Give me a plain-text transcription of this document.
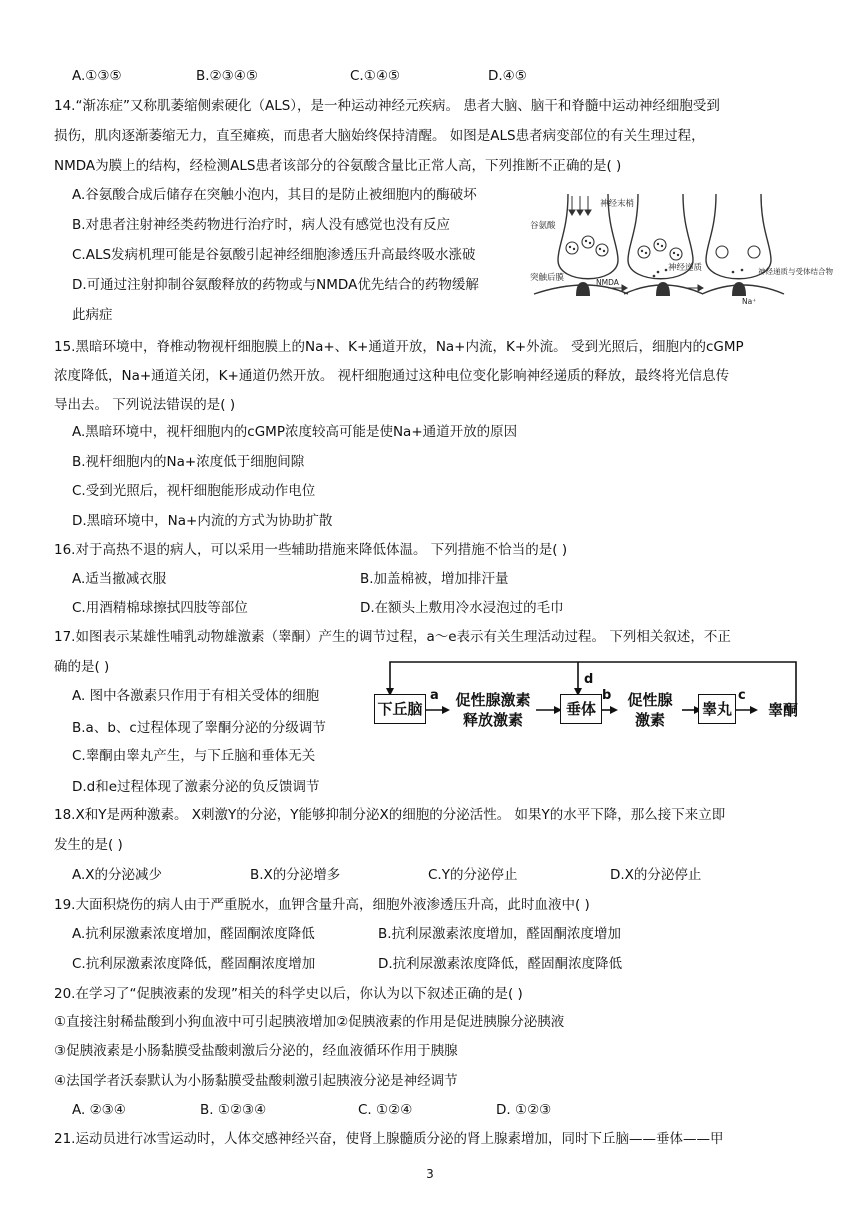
A.①③⑤	B.②③④⑤	C.①④⑤	D.④⑤
14.“渐冻症”又称肌萎缩侧索硬化（ALS），是一种运动神经元疾病。 患者大脑、脑干和脊髓中运动神经细胞受到
损伤，肌肉逐渐萎缩无力，直至瘫痪，而患者大脑始终保持清醒。 如图是ALS患者病变部位的有关生理过程，
NMDA为膜上的结构，经检测ALS患者该部分的谷氨酸含量比正常人高，下列推断不正确的是( )
A.谷氨酸合成后储存在突触小泡内，其目的是防止被细胞内的酶破坏
B.对患者注射神经类药物进行治疗时，病人没有感觉也没有反应
C.ALS发病机理可能是谷氨酸引起神经细胞渗透压升高最终吸水涨破
D.可通过注射抑制谷氨酸释放的药物或与NMDA优先结合的药物缓解
此病症
神经末梢
谷氨酸
突触后膜	NMDA
神经递质	神经递质与受体结合物
Na⁺
15.黑暗环境中，脊椎动物视杆细胞膜上的Na+、K+通道开放，Na+内流，K+外流。 受到光照后，细胞内的cGMP
浓度降低，Na+通道关闭，K+通道仍然开放。 视杆细胞通过这种电位变化影响神经递质的释放，最终将光信息传
导出去。 下列说法错误的是( )
A.黑暗环境中，视杆细胞内的cGMP浓度较高可能是使Na+通道开放的原因
B.视杆细胞内的Na+浓度低于细胞间隙
C.受到光照后，视杆细胞能形成动作电位
D.黑暗环境中，Na+内流的方式为协助扩散
16.对于高热不退的病人，可以采用一些辅助措施来降低体温。 下列措施不恰当的是( )
A.适当撤减衣服	B.加盖棉被，增加排汗量
C.用酒精棉球擦拭四肢等部位	D.在额头上敷用冷水浸泡过的毛巾
17.如图表示某雄性哺乳动物雄激素（睾酮）产生的调节过程，a～e表示有关生理活动过程。 下列相关叙述，不正
确的是( )
A. 图中各激素只作用于有相关受体的细胞
B.a、b、c过程体现了睾酮分泌的分级调节
C.睾酮由睾丸产生，与下丘脑和垂体无关
D.d和e过程体现了激素分泌的负反馈调节
下丘脑
a	促性腺激素
释放激素
垂体
d
b	促性腺
激素
睾丸
c
睾酮
18.X和Y是两种激素。 X刺激Y的分泌，Y能够抑制分泌X的细胞的分泌活性。 如果Y的水平下降，那么接下来立即
发生的是( )
A.X的分泌减少	B.X的分泌增多	C.Y的分泌停止	D.X的分泌停止
19.大面积烧伤的病人由于严重脱水，血钾含量升高，细胞外液渗透压升高，此时血液中( )
A.抗利尿激素浓度增加，醛固酮浓度降低	B.抗利尿激素浓度增加，醛固酮浓度增加
C.抗利尿激素浓度降低，醛固酮浓度增加	D.抗利尿激素浓度降低，醛固酮浓度降低
20.在学习了“促胰液素的发现”相关的科学史以后，你认为以下叙述正确的是( )
①直接注射稀盐酸到小狗血液中可引起胰液增加②促胰液素的作用是促进胰腺分泌胰液
③促胰液素是小肠黏膜受盐酸刺激后分泌的，经血液循环作用于胰腺
④法国学者沃泰默认为小肠黏膜受盐酸刺激引起胰液分泌是神经调节
A. ②③④	B. ①②③④	C. ①②④	D. ①②③
21.运动员进行冰雪运动时，人体交感神经兴奋，使肾上腺髓质分泌的肾上腺素增加，同时下丘脑——垂体——甲
3
